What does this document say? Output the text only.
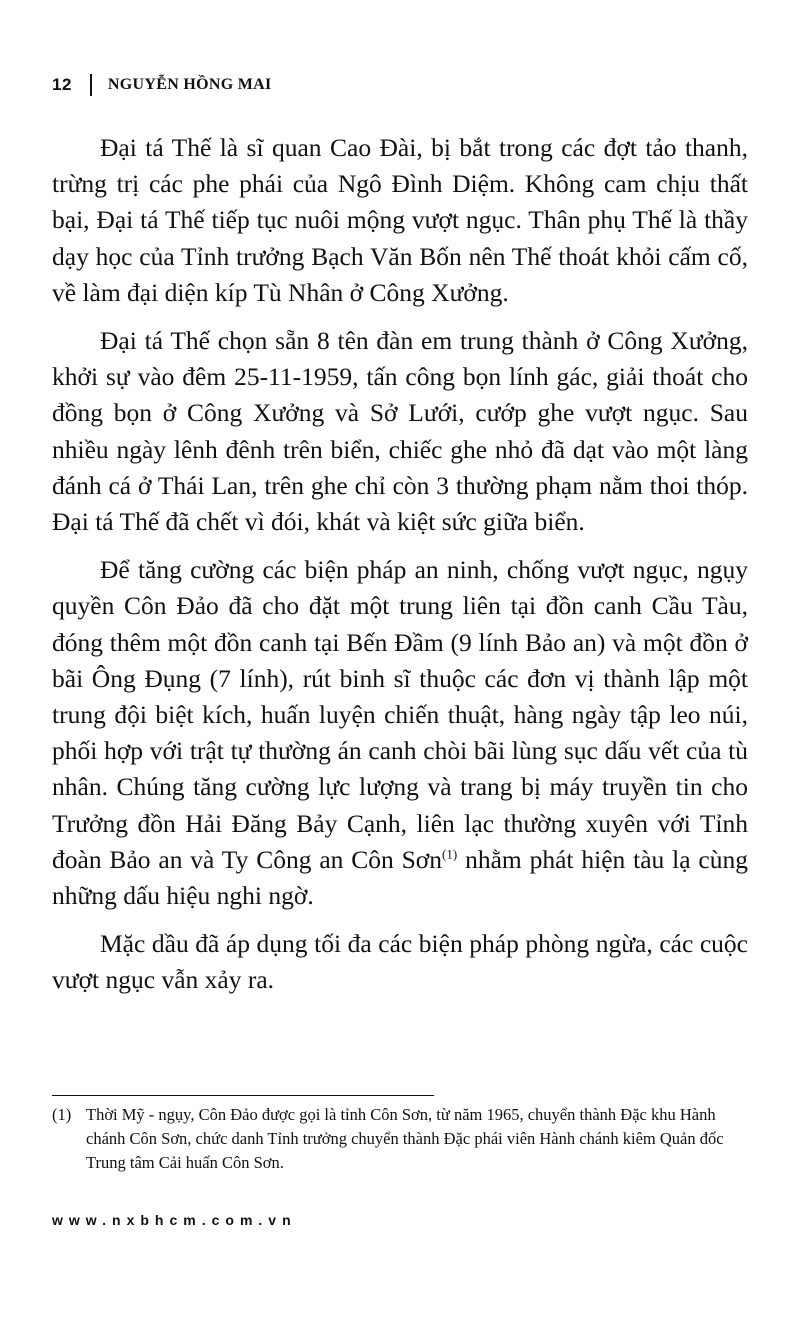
12 NGUYỄN HỒNG MAI

Đại tá Thế là sĩ quan Cao Đài, bị bắt trong các đợt tảo thanh, trừng trị các phe phái của Ngô Đình Diệm. Không cam chịu thất bại, Đại tá Thế tiếp tục nuôi mộng vượt ngục. Thân phụ Thế là thầy dạy học của Tỉnh trưởng Bạch Văn Bốn nên Thế thoát khỏi cấm cố, về làm đại diện kíp Tù Nhân ở Công Xưởng.

Đại tá Thế chọn sẵn 8 tên đàn em trung thành ở Công Xưởng, khởi sự vào đêm 25-11-1959, tấn công bọn lính gác, giải thoát cho đồng bọn ở Công Xưởng và Sở Lưới, cướp ghe vượt ngục. Sau nhiều ngày lênh đênh trên biển, chiếc ghe nhỏ đã dạt vào một làng đánh cá ở Thái Lan, trên ghe chỉ còn 3 thường phạm nằm thoi thóp. Đại tá Thế đã chết vì đói, khát và kiệt sức giữa biển.

Để tăng cường các biện pháp an ninh, chống vượt ngục, ngụy quyền Côn Đảo đã cho đặt một trung liên tại đồn canh Cầu Tàu, đóng thêm một đồn canh tại Bến Đầm (9 lính Bảo an) và một đồn ở bãi Ông Đụng (7 lính), rút binh sĩ thuộc các đơn vị thành lập một trung đội biệt kích, huấn luyện chiến thuật, hàng ngày tập leo núi, phối hợp với trật tự thường án canh chòi bãi lùng sục dấu vết của tù nhân. Chúng tăng cường lực lượng và trang bị máy truyền tin cho Trưởng đồn Hải Đăng Bảy Cạnh, liên lạc thường xuyên với Tỉnh đoàn Bảo an và Ty Công an Côn Sơn$^{(1)}$ nhằm phát hiện tàu lạ cùng những dấu hiệu nghi ngờ.

Mặc dầu đã áp dụng tối đa các biện pháp phòng ngừa, các cuộc vượt ngục vẫn xảy ra.

(1) Thời Mỹ - ngụy, Côn Đảo được gọi là tỉnh Côn Sơn, từ năm 1965, chuyển thành Đặc khu Hành chánh Côn Sơn, chức danh Tỉnh trưởng chuyển thành Đặc phái viên Hành chánh kiêm Quản đốc Trung tâm Cải huấn Côn Sơn.
www.nxbhcm.com.vn
